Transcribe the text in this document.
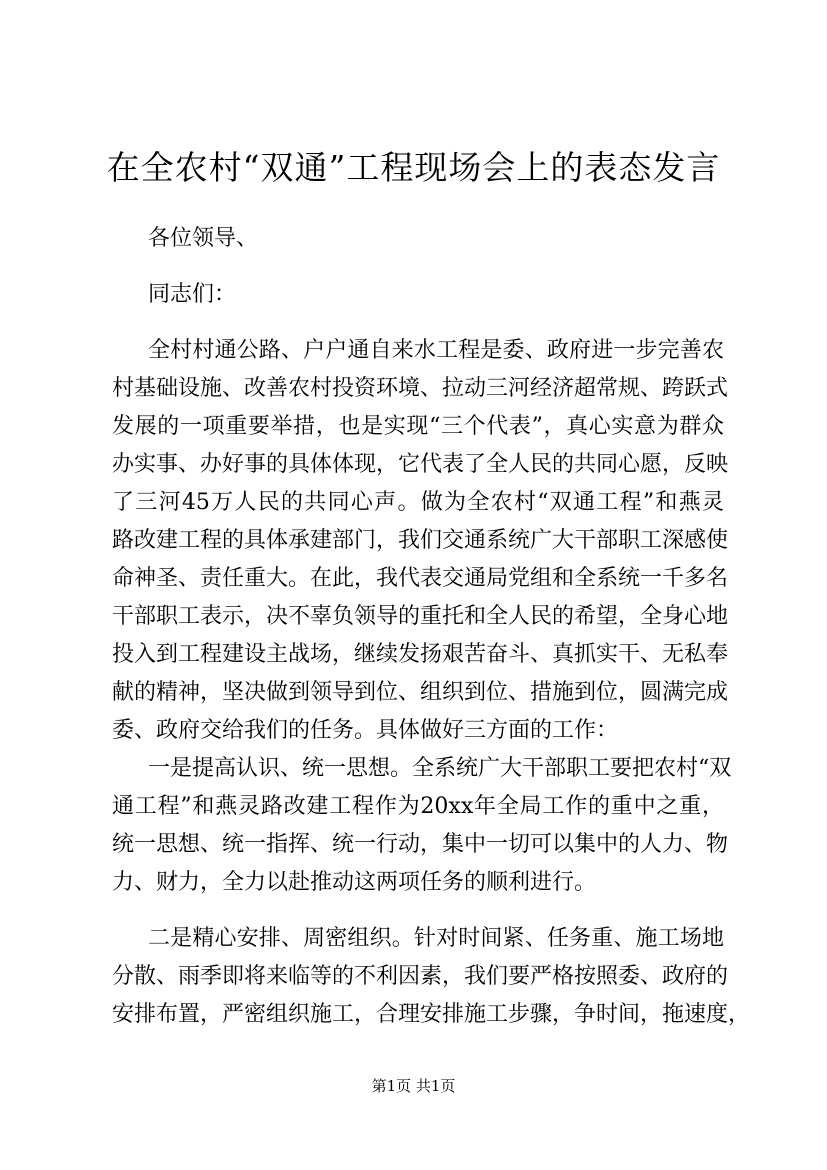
在全农村“双通”工程现场会上的表态发言
各位领导、
同志们：
全村村通公路、户户通自来水工程是委、政府进一步完善农
村基础设施、改善农村投资环境、拉动三河经济超常规、跨跃式
发展的一项重要举措，也是实现“三个代表”，真心实意为群众
办实事、办好事的具体体现，它代表了全人民的共同心愿，反映
了三河45万人民的共同心声。做为全农村“双通工程”和燕灵
路改建工程的具体承建部门，我们交通系统广大干部职工深感使
命神圣、责任重大。在此，我代表交通局党组和全系统一千多名
干部职工表示，决不辜负领导的重托和全人民的希望，全身心地
投入到工程建设主战场，继续发扬艰苦奋斗、真抓实干、无私奉
献的精神，坚决做到领导到位、组织到位、措施到位，圆满完成
委、政府交给我们的任务。具体做好三方面的工作：
一是提高认识、统一思想。全系统广大干部职工要把农村“双
通工程”和燕灵路改建工程作为20xx年全局工作的重中之重，
统一思想、统一指挥、统一行动，集中一切可以集中的人力、物
力、财力，全力以赴推动这两项任务的顺利进行。
二是精心安排、周密组织。针对时间紧、任务重、施工场地
分散、雨季即将来临等的不利因素，我们要严格按照委、政府的
安排布置，严密组织施工，合理安排施工步骤，争时间，拖速度，
第1页 共1页
